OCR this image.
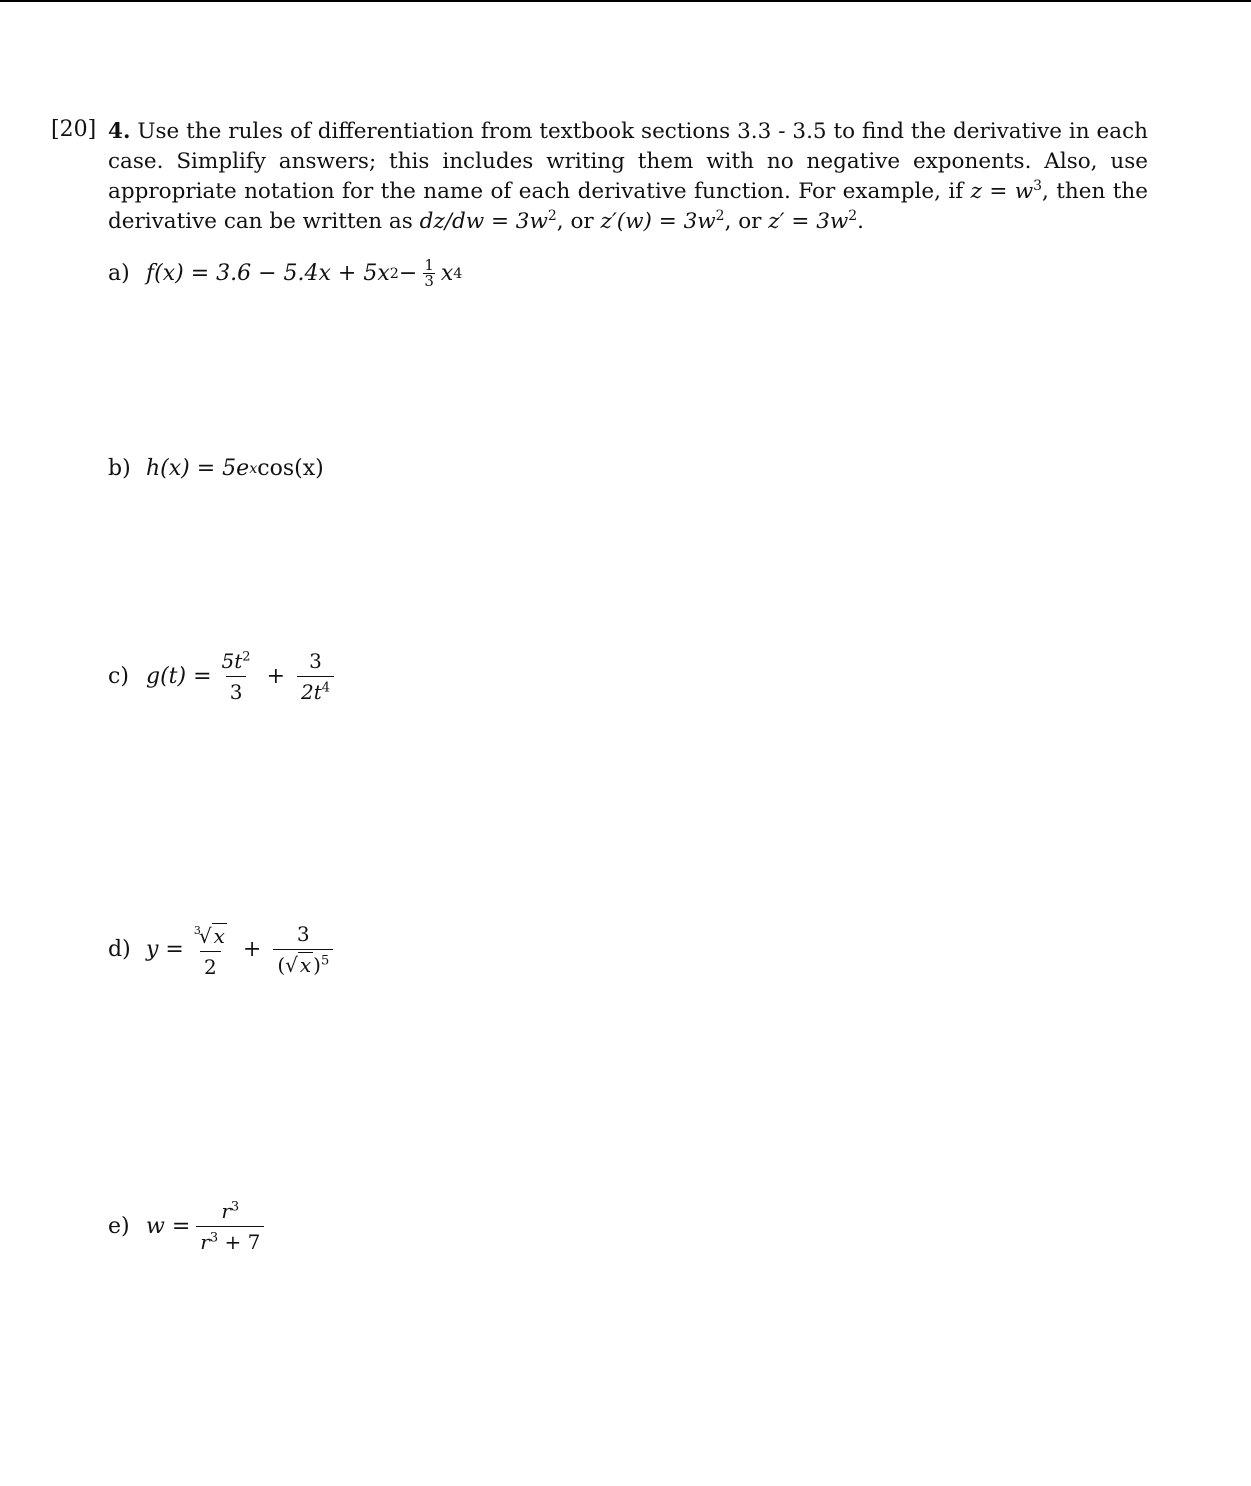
[20] 4. Use the rules of differentiation from textbook sections 3.3 - 3.5 to find the derivative in each case. Simplify answers; this includes writing them with no negative exponents. Also, use appropriate notation for the name of each derivative function. For example, if $z = w^3$, then the derivative can be written as $dz/dw = 3w^2$, or $z'(w) = 3w^2$, or $z' = 3w^2$.
a) f(x) = 3.6 − 5.4x + 5x $2 - \frac{1}{3}$ x 4
b) h(x) = 5e x cos(x)
c) $g(t) = \frac{5t^2}{3} + \frac{3}{2t^4}$
d) $y = \frac{^3√ x}{2} + \frac{3}{(√ x )^5}$
e) $w = \frac{r^3}{r^3 + 7}$
